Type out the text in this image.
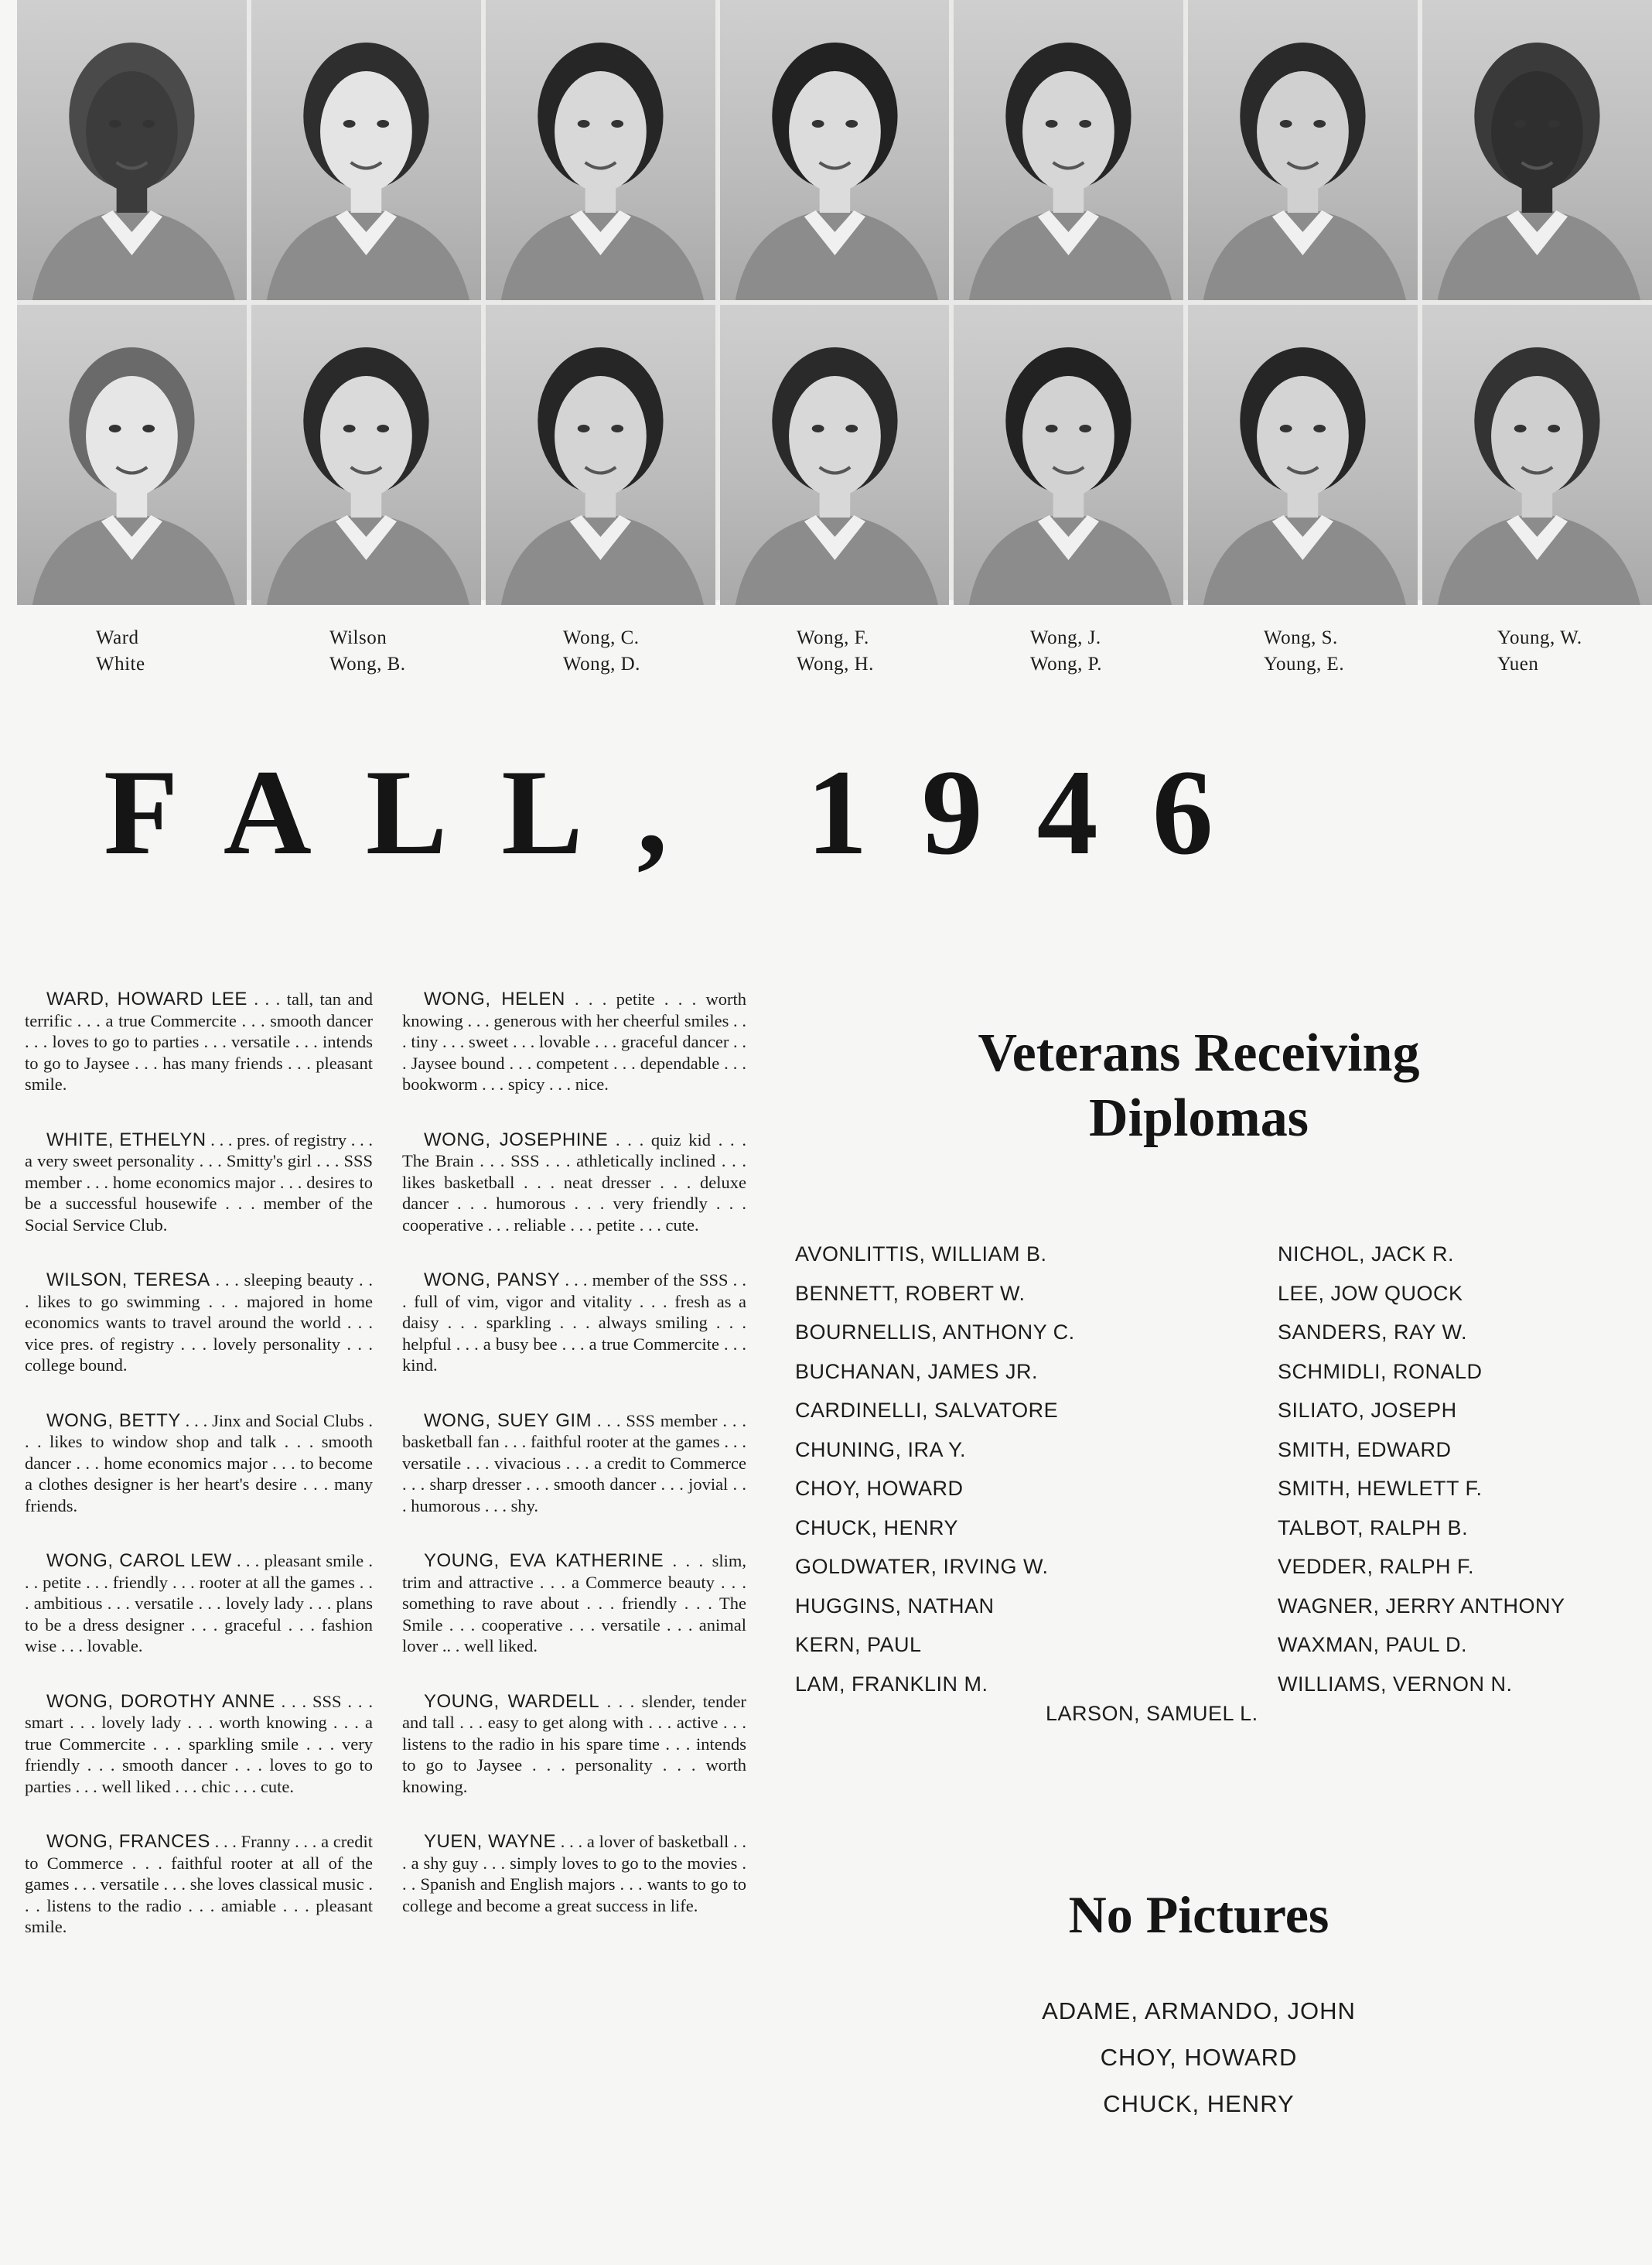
Ward
White
Wilson
Wong, B.
Wong, C.
Wong, D.
Wong, F.
Wong, H.
Wong, J.
Wong, P.
Wong, S.
Young, E.
Young, W.
Yuen
FALL, 1946
WARD, HOWARD LEE . . . tall, tan and terrific . . . a true Commercite . . . smooth dancer . . . loves to go to parties . . . versatile . . . intends to go to Jaysee . . . has many friends . . . pleasant smile.
WHITE, ETHELYN . . . pres. of registry . . . a very sweet personality . . . Smitty's girl . . . SSS member . . . home economics major . . . desires to be a successful housewife . . . member of the Social Service Club.
WILSON, TERESA . . . sleeping beauty . . . likes to go swimming . . . majored in home economics wants to travel around the world . . . vice pres. of registry . . . lovely personality . . . college bound.
WONG, BETTY . . . Jinx and Social Clubs . . . likes to window shop and talk . . . smooth dancer . . . home economics major . . . to become a clothes designer is her heart's desire . . . many friends.
WONG, CAROL LEW . . . pleasant smile . . . petite . . . friendly . . . rooter at all the games . . . ambitious . . . versatile . . . lovely lady . . . plans to be a dress designer . . . graceful . . . fashion wise . . . lovable.
WONG, DOROTHY ANNE . . . SSS . . . smart . . . lovely lady . . . worth knowing . . . a true Commercite . . . sparkling smile . . . very friendly . . . smooth dancer . . . loves to go to parties . . . well liked . . . chic . . . cute.
WONG, FRANCES . . . Franny . . . a credit to Commerce . . . faithful rooter at all of the games . . . versatile . . . she loves classical music . . . listens to the radio . . . amiable . . . pleasant smile.
WONG, HELEN . . . petite . . . worth knowing . . . generous with her cheerful smiles . . . tiny . . . sweet . . . lovable . . . graceful dancer . . . Jaysee bound . . . competent . . . dependable . . . bookworm . . . spicy . . . nice.
WONG, JOSEPHINE . . . quiz kid . . . The Brain . . . SSS . . . athletically inclined . . . likes basketball . . . neat dresser . . . deluxe dancer . . . humorous . . . very friendly . . . cooperative . . . reliable . . . petite . . . cute.
WONG, PANSY . . . member of the SSS . . . full of vim, vigor and vitality . . . fresh as a daisy . . . sparkling . . . always smiling . . . helpful . . . a busy bee . . . a true Commercite . . . kind.
WONG, SUEY GIM . . . SSS member . . . basketball fan . . . faithful rooter at the games . . . versatile . . . vivacious . . . a credit to Commerce . . . sharp dresser . . . smooth dancer . . . jovial . . . humorous . . . shy.
YOUNG, EVA KATHERINE . . . slim, trim and attractive . . . a Commerce beauty . . . something to rave about . . . friendly . . . The Smile . . . cooperative . . . versatile . . . animal lover .. . well liked.
YOUNG, WARDELL . . . slender, tender and tall . . . easy to get along with . . . active . . . listens to the radio in his spare time . . . intends to go to Jaysee . . . personality . . . worth knowing.
YUEN, WAYNE . . . a lover of basketball . . . a shy guy . . . simply loves to go to the movies . . . Spanish and English majors . . . wants to go to college and become a great success in life.
Veterans Receiving
Diplomas
AVONLITTIS, WILLIAM B.
BENNETT, ROBERT W.
BOURNELLIS, ANTHONY C.
BUCHANAN, JAMES JR.
CARDINELLI, SALVATORE
CHUNING, IRA Y.
CHOY, HOWARD
CHUCK, HENRY
GOLDWATER, IRVING W.
HUGGINS, NATHAN
KERN, PAUL
LAM, FRANKLIN M.
NICHOL, JACK R.
LEE, JOW QUOCK
SANDERS, RAY W.
SCHMIDLI, RONALD
SILIATO, JOSEPH
SMITH, EDWARD
SMITH, HEWLETT F.
TALBOT, RALPH B.
VEDDER, RALPH F.
WAGNER, JERRY ANTHONY
WAXMAN, PAUL D.
WILLIAMS, VERNON N.
LARSON, SAMUEL L.
No Pictures
ADAME, ARMANDO, JOHN
CHOY, HOWARD
CHUCK, HENRY
